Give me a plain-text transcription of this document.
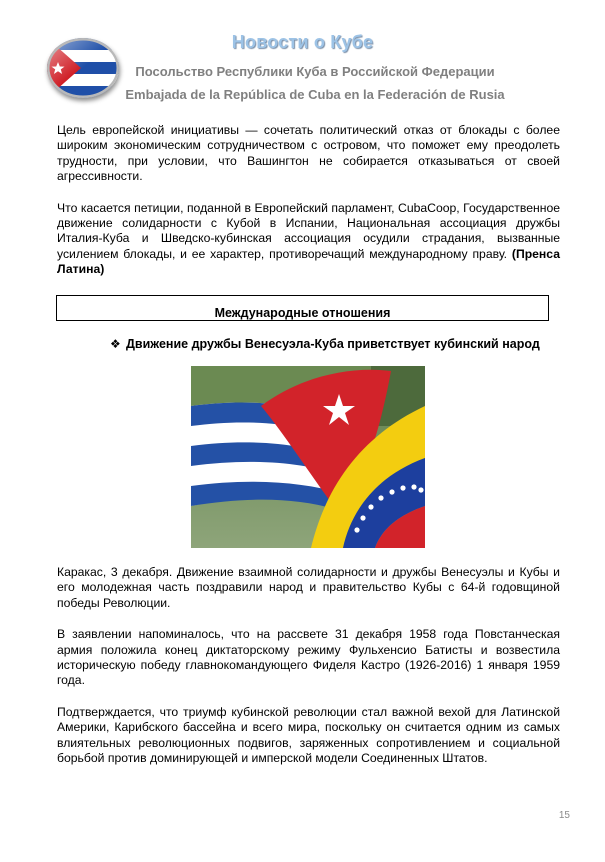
Новости о Кубе
Посольство Республики Куба в Российской Федерации
Embajada de la República de Cuba en la Federación de Rusia

Цель европейской инициативы — сочетать политический отказ от блокады с более широким экономическим сотрудничеством с островом, что поможет ему преодолеть трудности, при условии, что Вашингтон не собирается отказываться от своей агрессивности.

Что касается петиции, поданной в Европейский парламент, CubaCoop, Государственное движение солидарности с Кубой в Испании, Национальная ассоциация дружбы Италия-Куба и Шведско-кубинская ассоциация осудили страдания, вызванные усилением блокады, и ее характер, противоречащий международному праву. (Пренса Латина)

Международные отношения
❖ Движение дружбы Венесуэла-Куба приветствует кубинский народ

Каракас, 3 декабря. Движение взаимной солидарности и дружбы Венесуэлы и Кубы и его молодежная часть поздравили народ и правительство Кубы с 64-й годовщиной победы Революции.

В заявлении напоминалось, что на рассвете 31 декабря 1958 года Повстанческая армия положила конец диктаторскому режиму Фульхенсио Батисты и возвестила историческую победу главнокомандующего Фиделя Кастро (1926-2016) 1 января 1959 года.

Подтверждается, что триумф кубинской революции стал важной вехой для Латинской Америки, Карибского бассейна и всего мира, поскольку он считается одним из самых влиятельных революционных подвигов, заряженных сопротивлением и социальной борьбой против доминирующей и имперской модели Соединенных Штатов.

15
